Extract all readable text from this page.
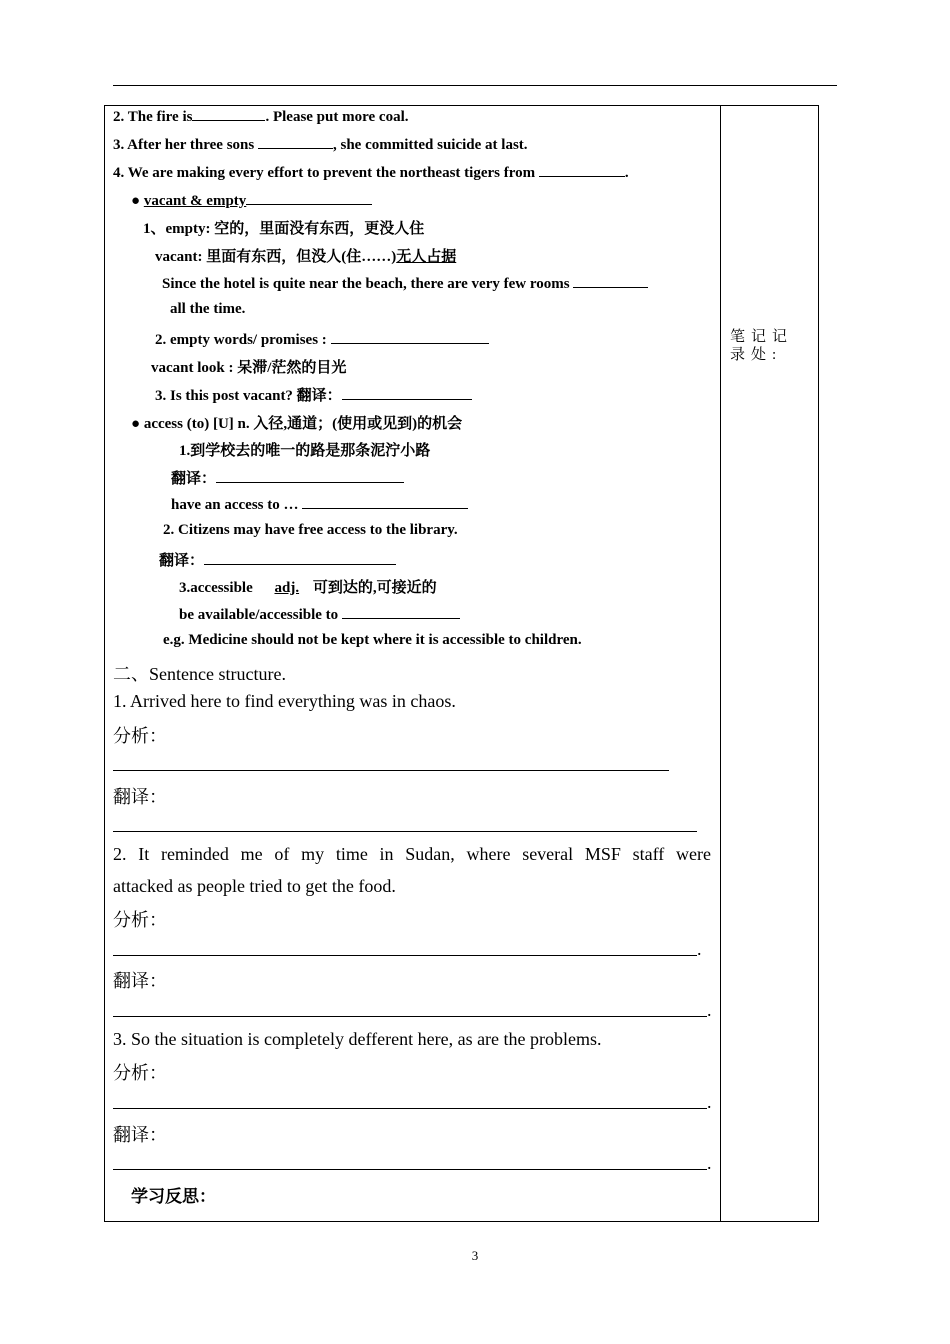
笔记记录处:
2. The fire is	. Please put more coal.
3. After her three sons	, she committed suicide at last.
4. We are making every effort to prevent the northeast tigers from	.
● vacant & empty
1、empty: 空的，里面没有东西，更没人住
vacant: 里面有东西，但没人(住……)无人占据
Since the hotel is quite near the beach, there are very few rooms
all the time.
2. empty words/ promises :
vacant look : 呆滞/茫然的目光
3. Is this post vacant? 翻译：
● access (to) [U] n. 入径,通道；(使用或见到)的机会
1.到学校去的唯一的路是那条泥泞小路
翻译：
have an access to …
2. Citizens may have free access to the library.
翻译：
3.accessible adj. 可到达的,可接近的
be available/accessible to
e.g. Medicine should not be kept where it is accessible to children.
二、Sentence structure.
1. Arrived here to find everything was in chaos.
分析：
翻译：
2. It reminded me of my time in Sudan, where several MSF staff were
attacked as people tried to get the food.
分析：
.
翻译：
.
3. So the situation is completely defferent here, as are the problems.
分析：
.
翻译：
.
学习反思：
3
